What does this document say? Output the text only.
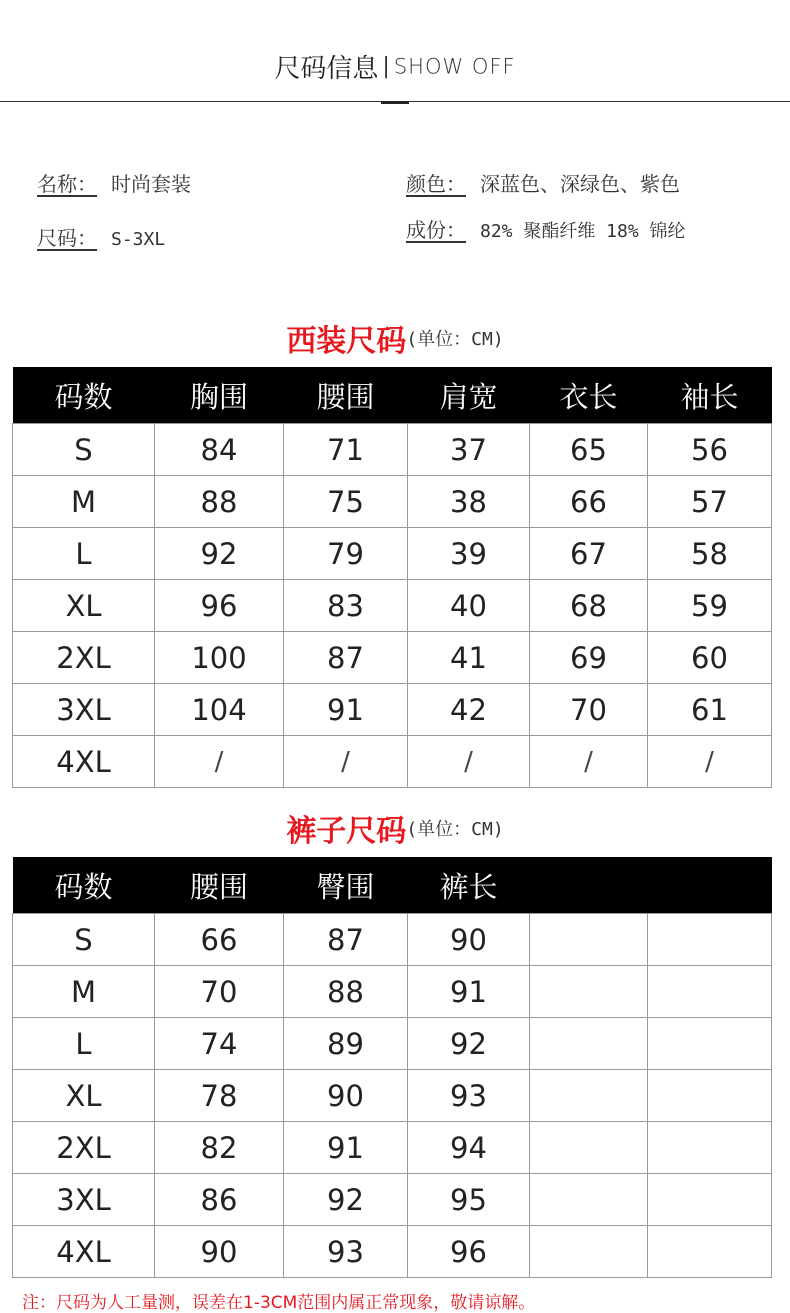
尺码信息 | SHOW OFF
名称： 时尚套装
尺码： S-3XL
颜色： 深蓝色、深绿色、紫色
成份： 82% 聚酯纤维 18% 锦纶
西装尺码(单位：CM)
码数	胸围	腰围	肩宽	衣长	袖长
S	84	71	37	65	56
M	88	75	38	66	57
L	92	79	39	67	58
XL	96	83	40	68	59
2XL	100	87	41	69	60
3XL	104	91	42	70	61
4XL	/	/	/	/	/
裤子尺码(单位：CM)
码数	腰围	臀围	裤长		
S	66	87	90		
M	70	88	91		
L	74	89	92		
XL	78	90	93		
2XL	82	91	94		
3XL	86	92	95		
4XL	90	93	96		
注：尺码为人工量测，误差在1-3CM范围内属正常现象，敬请谅解。
